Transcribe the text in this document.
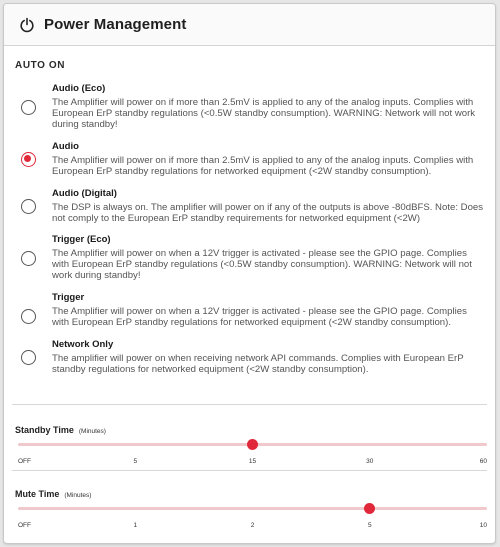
Power Management
AUTO ON
Audio (Eco)
The Amplifier will power on if more than 2.5mV is applied to any of the analog inputs. Complies with European ErP standby regulations (<0.5W standby consumption). WARNING: Network will not work during standby!
Audio
The Amplifier will power on if more than 2.5mV is applied to any of the analog inputs. Complies with European ErP standby regulations for networked equipment (<2W standby consumption).
Audio (Digital)
The DSP is always on. The amplifier will power on if any of the outputs is above -80dBFS. Note: Does not comply to the European ErP standby requirements for networked equipment (<2W)
Trigger (Eco)
The Amplifier will power on when a 12V trigger is activated - please see the GPIO page. Complies with European ErP standby regulations (<0.5W standby consumption). WARNING: Network will not work during standby!
Trigger
The Amplifier will power on when a 12V trigger is activated - please see the GPIO page. Complies with European ErP standby regulations for networked equipment (<2W standby consumption).
Network Only
The amplifier will power on when receiving network API commands. Complies with European ErP standby regulations for networked equipment (<2W standby consumption).
Standby Time (Minutes)
OFF	5	15	30	60
Mute Time (Minutes)
OFF	1	2	5	10
